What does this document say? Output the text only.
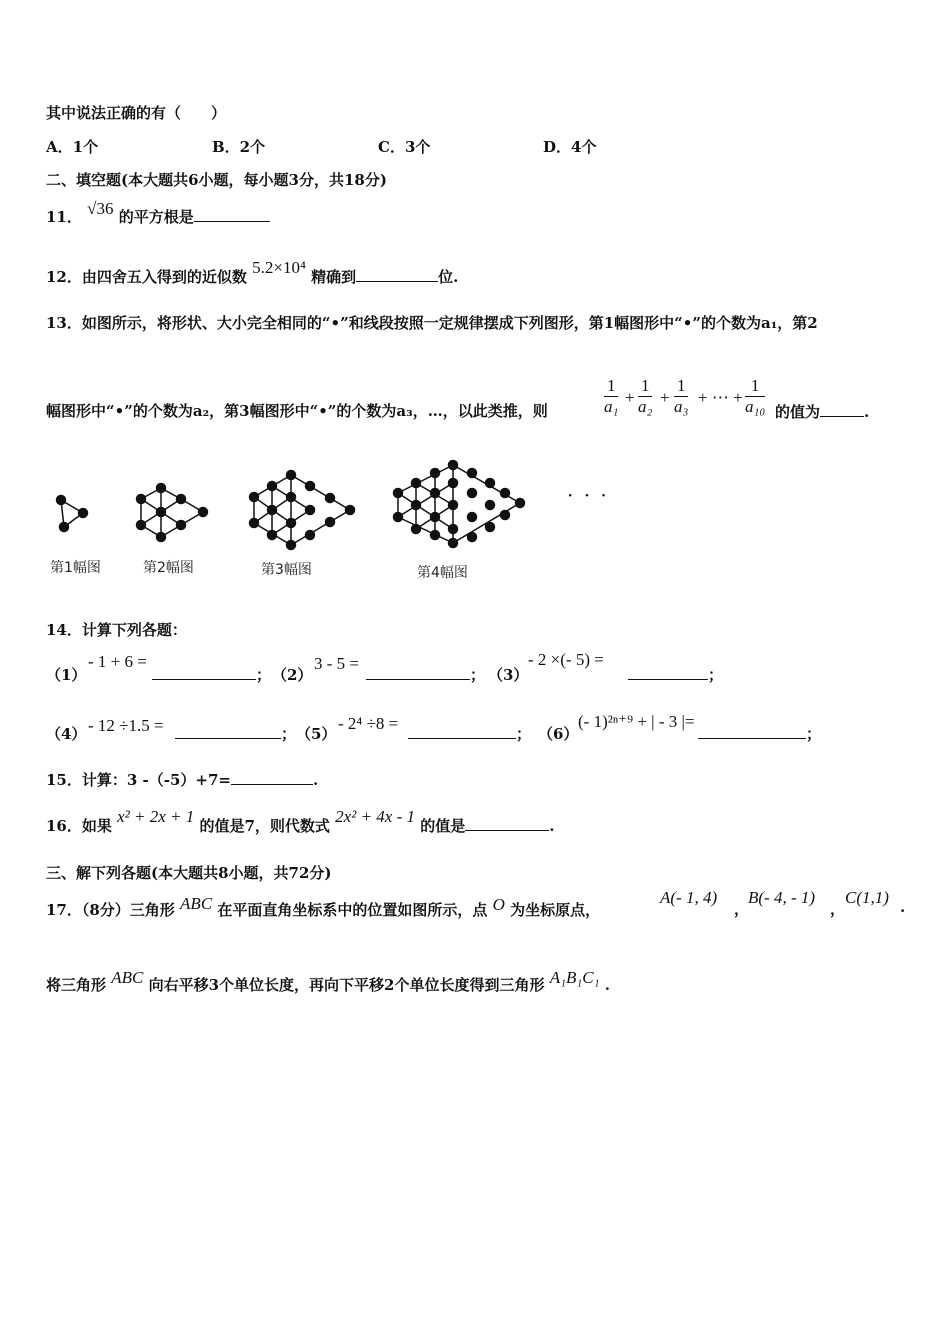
其中说法正确的有（　　）
A．1个	B．2个	C．3个	D．4个
二、填空题(本大题共6小题，每小题3分，共18分)
11． √36 的平方根是
12．由四舍五入得到的近似数 5.2×10⁴ 精确到	位.
13．如图所示，将形状、大小完全相同的“•”和线段按照一定规律摆成下列图形，第1幅图形中“•”的个数为a₁，第2
幅图形中“•”的个数为a₂，第3幅图形中“•”的个数为a₃，…，以此类推，则	$\frac{1}{\text{a₁}} + \frac{1}{\text{a₂}} + \frac{1}{\text{a₃}}$ + ⋯ + $\frac{1}{\text{a₁₀}}$ 的值为	.
· · ·
第1幅图	第2幅图	第3幅图	第4幅图
14．计算下列各题：
（1）
- 1 + 6 =
； （2）
3 - 5 =
； （3）
- 2 ×(- 5) =
；
（4） - 12 ÷1.5 =	； （5）
- 2⁴ ÷8 =
； （6）
(- 1)²ⁿ⁺⁹ + | - 3 |=
；
15．计算：3 -（-5）+7=	.
16．如果 x² + 2x + 1 的值是7，则代数式 2x² + 4x - 1 的值是	.
三、解下列各题(本大题共8小题，共72分)
17．（8分）三角形 ABC 在平面直角坐标系中的位置如图所示，点 O 为坐标原点，
A(- 1, 4)
，
B(- 4, - 1)
，
C(1,1) .
将三角形 ABC 向右平移3个单位长度，再向下平移2个单位长度得到三角形 A₁B₁C₁ .
